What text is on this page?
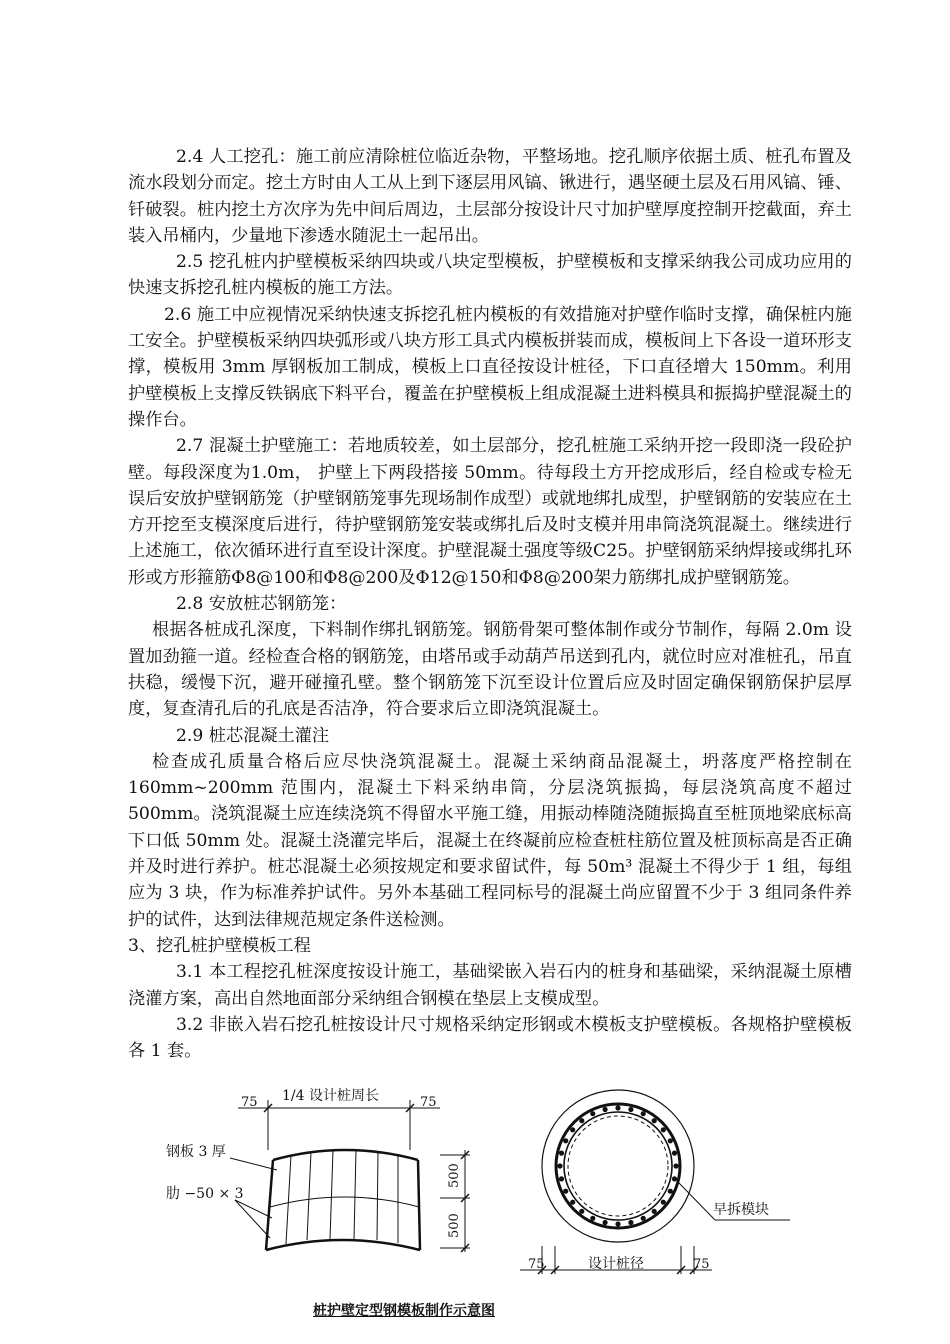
2.4 人工挖孔：施工前应清除桩位临近杂物，平整场地。挖孔顺序依据土质、桩孔布置及流水段划分而定。挖土方时由人工从上到下逐层用风镐、锹进行，遇坚硬土层及石用风镐、锤、钎破裂。桩内挖土方次序为先中间后周边，土层部分按设计尺寸加护壁厚度控制开挖截面，弃土装入吊桶内，少量地下渗透水随泥土一起吊出。

2.5 挖孔桩内护壁模板采纳四块或八块定型模板，护壁模板和支撑采纳我公司成功应用的快速支拆挖孔桩内模板的施工方法。

2.6 施工中应视情况采纳快速支拆挖孔桩内模板的有效措施对护壁作临时支撑，确保桩内施工安全。护壁模板采纳四块弧形或八块方形工具式内模板拼装而成，模板间上下各设一道环形支撑，模板用 3mm 厚钢板加工制成，模板上口直径按设计桩径，下口直径增大 150mm。利用护壁模板上支撑反铁锅底下料平台，覆盖在护壁模板上组成混凝土进料模具和振捣护壁混凝土的操作台。

2.7 混凝土护壁施工：若地质较差，如土层部分，挖孔桩施工采纳开挖一段即浇一段砼护壁。每段深度为1.0m， 护壁上下两段搭接 50mm。待每段土方开挖成形后，经自检或专检无误后安放护壁钢筋笼（护壁钢筋笼事先现场制作成型）或就地绑扎成型，护壁钢筋的安装应在土方开挖至支模深度后进行，待护壁钢筋笼安装或绑扎后及时支模并用串筒浇筑混凝土。继续进行上述施工，依次循环进行直至设计深度。护壁混凝土强度等级C25。护壁钢筋采纳焊接或绑扎环形或方形箍筋Φ8@100和Φ8@200及Φ12@150和Φ8@200架力筋绑扎成护壁钢筋笼。

2.8 安放桩芯钢筋笼：

根据各桩成孔深度，下料制作绑扎钢筋笼。钢筋骨架可整体制作或分节制作，每隔 2.0m 设置加劲箍一道。经检查合格的钢筋笼，由塔吊或手动葫芦吊送到孔内，就位时应对准桩孔，吊直扶稳，缓慢下沉，避开碰撞孔壁。整个钢筋笼下沉至设计位置后应及时固定确保钢筋保护层厚度，复查清孔后的孔底是否洁净，符合要求后立即浇筑混凝土。

2.9 桩芯混凝土灌注

检查成孔质量合格后应尽快浇筑混凝土。混凝土采纳商品混凝土，坍落度严格控制在 160mm~200mm 范围内，混凝土下料采纳串筒，分层浇筑振捣，每层浇筑高度不超过 500mm。浇筑混凝土应连续浇筑不得留水平施工缝，用振动棒随浇随振捣直至桩顶地梁底标高下口低 50mm 处。混凝土浇灌完毕后，混凝土在终凝前应检查桩柱筋位置及桩顶标高是否正确并及时进行养护。桩芯混凝土必须按规定和要求留试件，每 50m³ 混凝土不得少于 1 组，每组应为 3 块，作为标准养护试件。另外本基础工程同标号的混凝土尚应留置不少于 3 组同条件养护的试件，达到法律规范规定条件送检测。

3、挖孔桩护壁模板工程

3.1 本工程挖孔桩深度按设计施工，基础梁嵌入岩石内的桩身和基础梁，采纳混凝土原槽浇灌方案，高出自然地面部分采纳组合钢模在垫层上支模成型。

3.2 非嵌入岩石挖孔桩按设计尺寸规格采纳定形钢或木模板支护壁模板。各规格护壁模板各 1 套。

1/4 设计桩周长
75	75
钢板 3 厚
肋 −50 × 3
500
500
早拆模块
75	设计桩径	75
桩护壁定型钢模板制作示意图
